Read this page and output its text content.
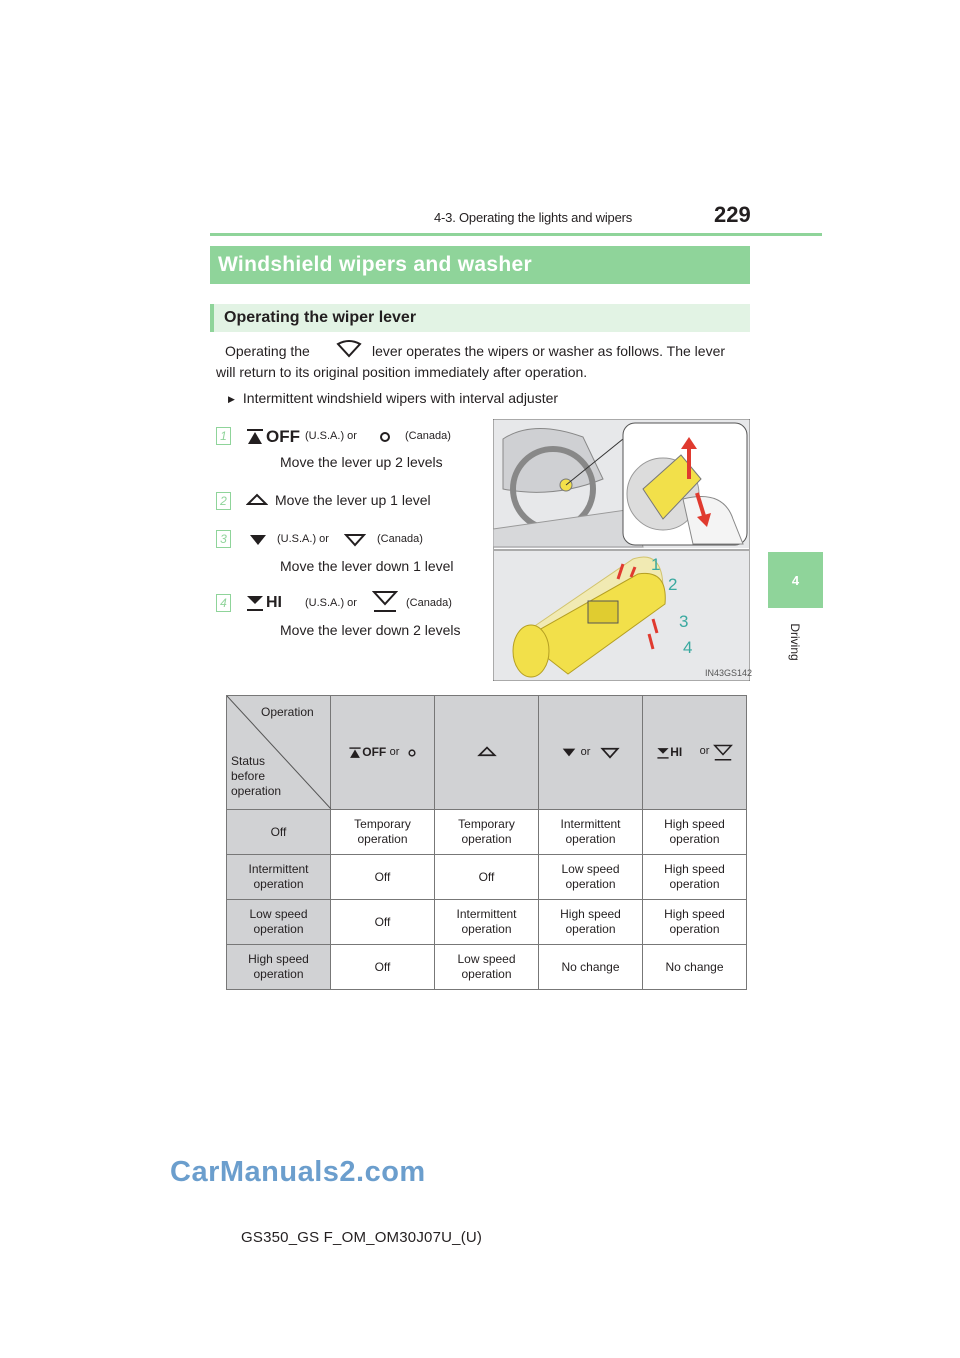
4-3. Operating the lights and wipers	229
4
Driving
Windshield wipers and washer
Operating the wiper lever
Operating the	lever operates the wipers or washer as follows. The lever
will return to its original position immediately after operation.
▶ Intermittent windshield wipers with interval adjuster
1 OFF (U.S.A.) or	(Canada)
Move the lever up 2 levels
2	Move the lever up 1 level
3	(U.S.A.) or	(Canada)
Move the lever down 1 level
4 HI (U.S.A.) or	(Canada)
Move the lever down 2 levels
1
2
3
4
IN43GS142
Operation
Status
before
operation	OFF or		or	HI or
Off	Temporary operation	Temporary operation	Intermittent operation	High speed operation
Intermittent operation	Off	Off	Low speed operation	High speed operation
Low speed operation	Off	Intermittent operation	High speed operation	High speed operation
High speed operation	Off	Low speed operation	No change	No change
CarManuals2.com
GS350_GS F_OM_OM30J07U_(U)
